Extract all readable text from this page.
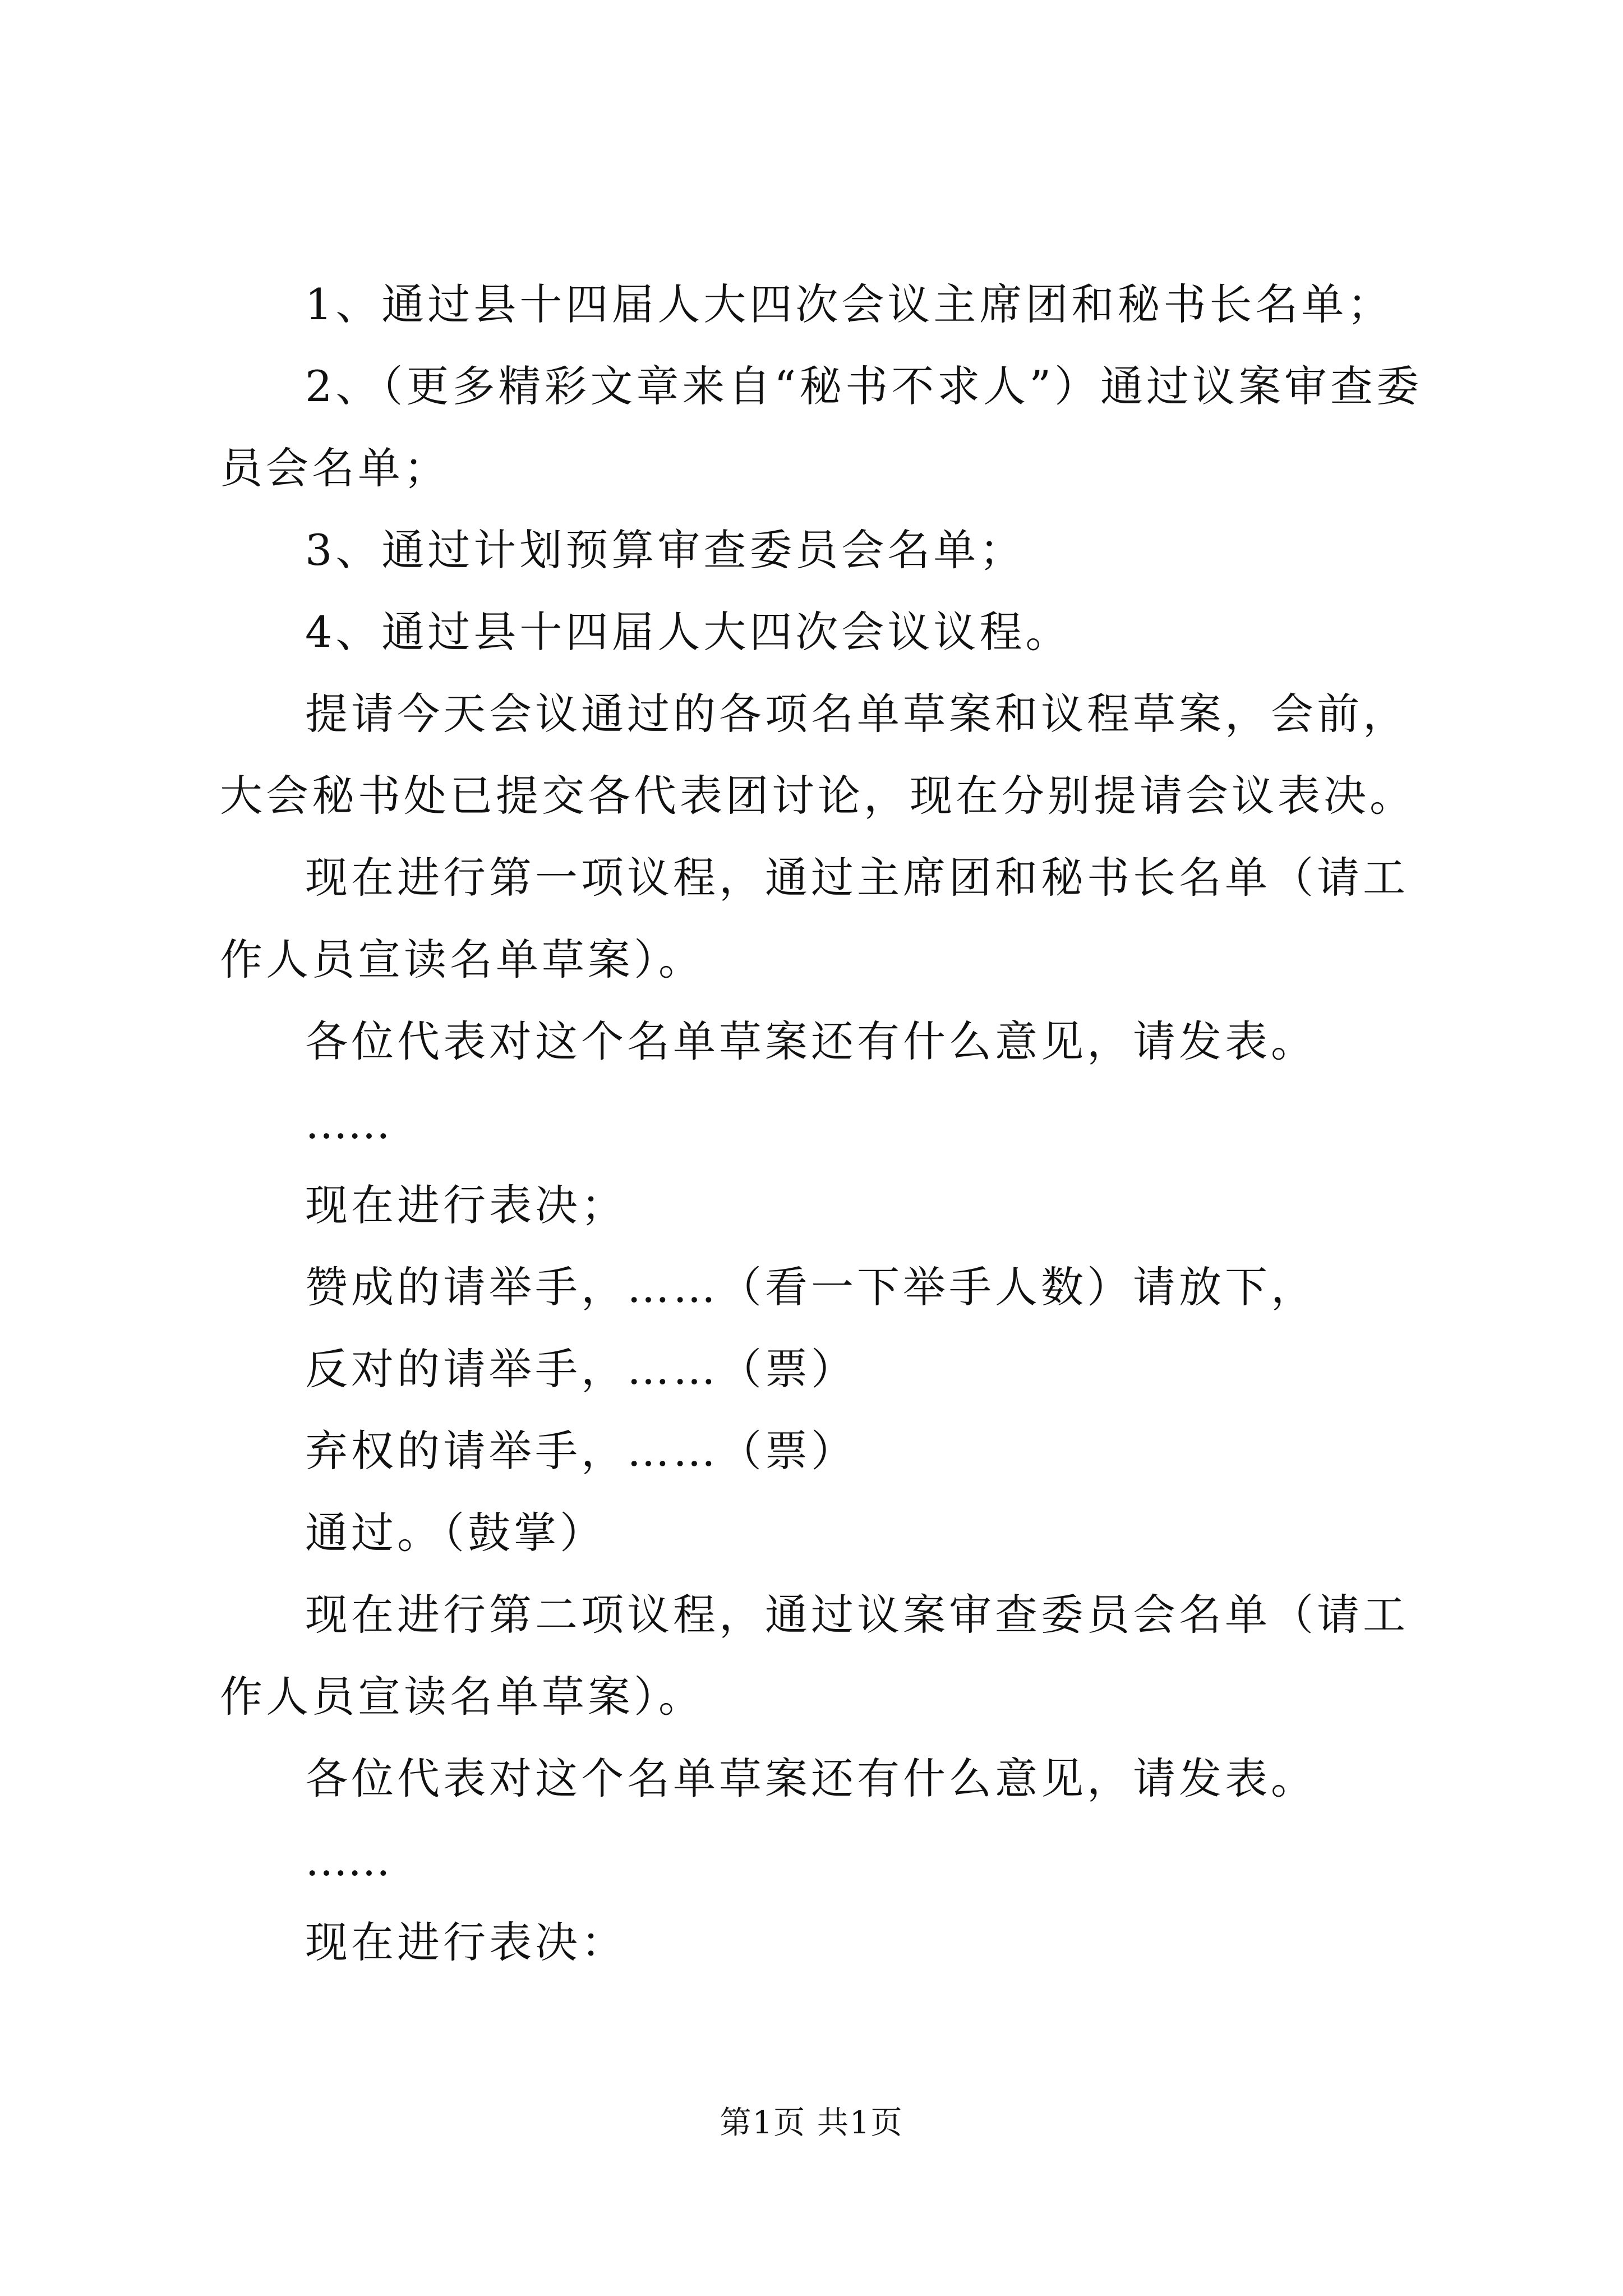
1、通过县十四届人大四次会议主席团和秘书长名单；

2、（更多精彩文章来自“秘书不求人”）通过议案审查委员会名单；

3、通过计划预算审查委员会名单；

4、通过县十四届人大四次会议议程。

提请今天会议通过的各项名单草案和议程草案，会前，大会秘书处已提交各代表团讨论，现在分别提请会议表决。

现在进行第一项议程，通过主席团和秘书长名单（请工作人员宣读名单草案）。

各位代表对这个名单草案还有什么意见，请发表。

……

现在进行表决；

赞成的请举手，……（看一下举手人数）请放下，

反对的请举手，……（票）

弃权的请举手，……（票）

通过。（鼓掌）

现在进行第二项议程，通过议案审查委员会名单（请工作人员宣读名单草案）。

各位代表对这个名单草案还有什么意见，请发表。

……

现在进行表决：

第1页 共1页
